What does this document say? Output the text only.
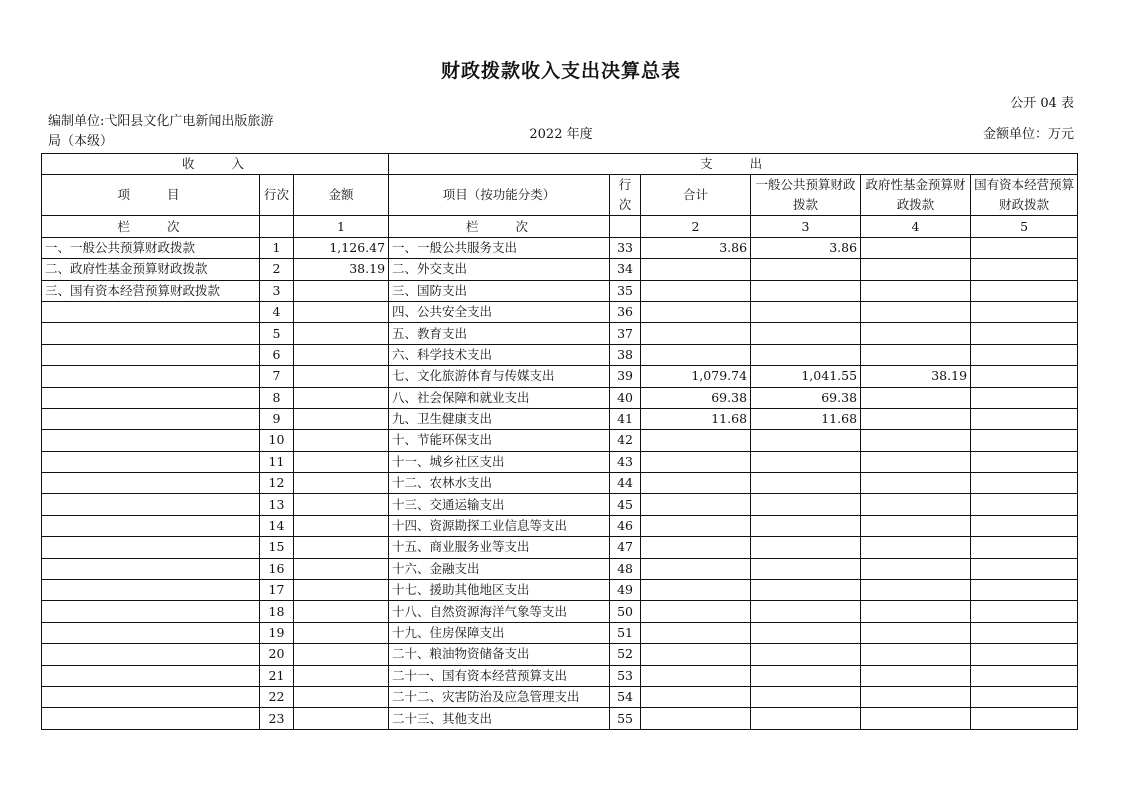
财政拨款收入支出决算总表
公开 04 表
编制单位:弋阳县文化广电新闻出版旅游局（本级）	2022 年度	金额单位：万元
收　　入			支　　出					
项　　目	行次	金额	项目（按功能分类）	行次	合计	一般公共预算财政拨款	政府性基金预算财政拨款	国有资本经营预算财政拨款
栏　　次		1	栏　　次		2	3	4	5
一、一般公共预算财政拨款	1	1,126.47	一、一般公共服务支出	33	3.86	3.86		
二、政府性基金预算财政拨款	2	38.19	二、外交支出	34				
三、国有资本经营预算财政拨款	3		三、国防支出	35				
	4		四、公共安全支出	36				
	5		五、教育支出	37				
	6		六、科学技术支出	38				
	7		七、文化旅游体育与传媒支出	39	1,079.74	1,041.55	38.19	
	8		八、社会保障和就业支出	40	69.38	69.38		
	9		九、卫生健康支出	41	11.68	11.68		
	10		十、节能环保支出	42				
	11		十一、城乡社区支出	43				
	12		十二、农林水支出	44				
	13		十三、交通运输支出	45				
	14		十四、资源勘探工业信息等支出	46				
	15		十五、商业服务业等支出	47				
	16		十六、金融支出	48				
	17		十七、援助其他地区支出	49				
	18		十八、自然资源海洋气象等支出	50				
	19		十九、住房保障支出	51				
	20		二十、粮油物资储备支出	52				
	21		二十一、国有资本经营预算支出	53				
	22		二十二、灾害防治及应急管理支出	54				
	23		二十三、其他支出	55				
